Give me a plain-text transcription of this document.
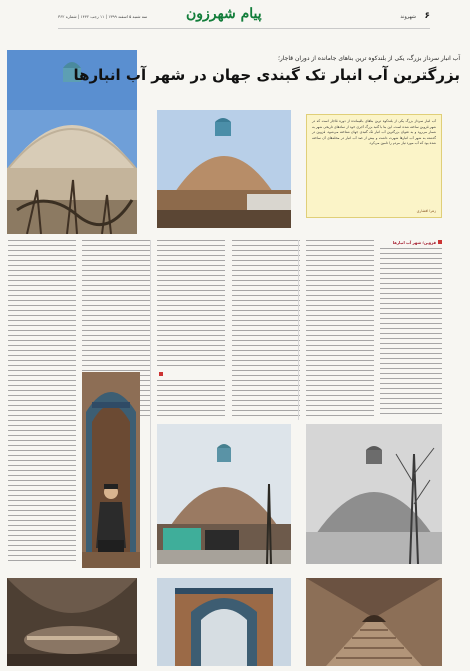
سه شنبه ۵ اسفند ۱۳۹۹ | ۱۱ رجب ۱۴۴۲ | شماره ۳۶۲	پیام شهرزون	شهروند ۶
آب انبار سرداز بزرگ، یکی از بلندکوه ترین بناهای جامانده از دوران قاجار؛
بزرگترین آب انبار تک گبندی جهان در شهر آب انبارها

آب انبار سرداز بزرگ یکی از بلندکوه ترین بناهای باقیمانده از دوره قاجار است که در شهر قزوین ساخته شده است. این بنا با گنبد بزرگ آجری خود از نمادهای تاریخی شهر به شمار می‌رود و به عنوان بزرگترین آب انبار تک گنبدی جهان شناخته می‌شود. قزوین در گذشته به شهر آب انبارها شهرت داشت و بیش از صد آب انبار در محله‌های آن ساخته شده بود که آب مورد نیاز مردم را تامین می‌کرد.

زهرا افشاری
قزوین؛ شهر آب انبارها
